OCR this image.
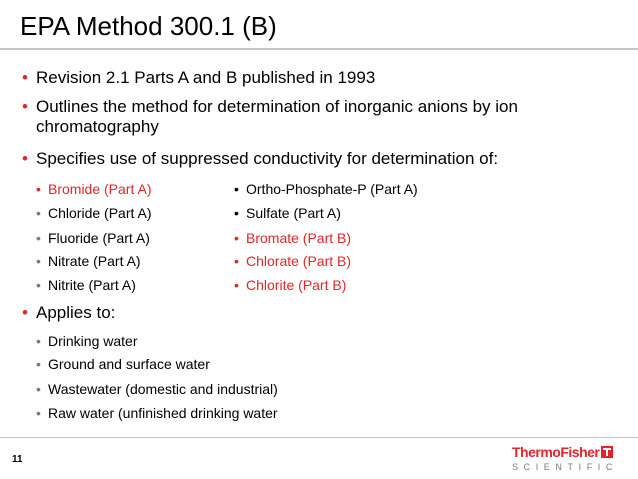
EPA Method 300.1 (B)
• Revision 2.1 Parts A and B published in 1993
• Outlines the method for determination of inorganic anions by ion
chromatography
• Specifies use of suppressed conductivity for determination of:
• Bromide (Part A)
• Chloride (Part A)
• Fluoride (Part A)
• Nitrate (Part A)
• Nitrite (Part A)
• Ortho-Phosphate-P (Part A)
• Sulfate (Part A)
• Bromate (Part B)
• Chlorate (Part B)
• Chlorite (Part B)
• Applies to:
• Drinking water
• Ground and surface water
• Wastewater (domestic and industrial)
• Raw water (unfinished drinking water
11	ThermoFisher
SCIENTIFIC
